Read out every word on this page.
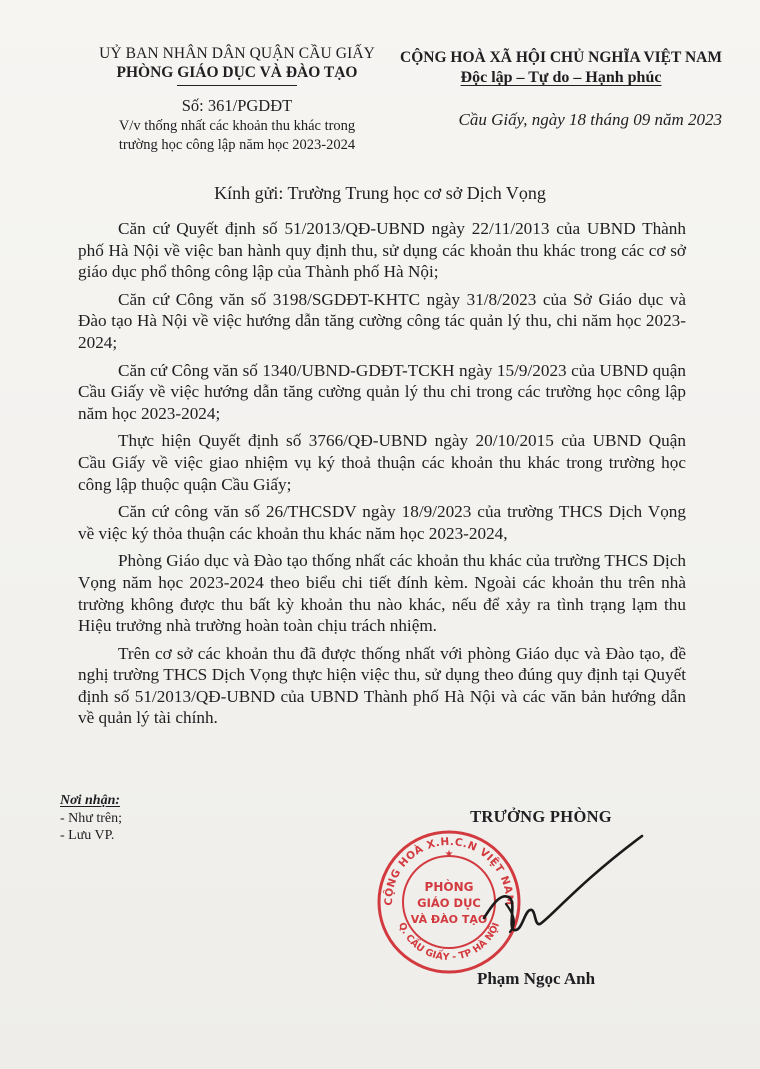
UỶ BAN NHÂN DÂN QUẬN CẦU GIẤY
PHÒNG GIÁO DỤC VÀ ĐÀO TẠO
Số: 361/PGDĐT
V/v thống nhất các khoản thu khác trong
trường học công lập năm học 2023-2024
CỘNG HOÀ XÃ HỘI CHỦ NGHĨA VIỆT NAM
Độc lập – Tự do – Hạnh phúc
Cầu Giấy, ngày 18 tháng 09 năm 2023
Kính gửi: Trường Trung học cơ sở Dịch Vọng

Căn cứ Quyết định số 51/2013/QĐ-UBND ngày 22/11/2013 của UBND Thành phố Hà Nội về việc ban hành quy định thu, sử dụng các khoản thu khác trong các cơ sở giáo dục phổ thông công lập của Thành phố Hà Nội;

Căn cứ Công văn số 3198/SGDĐT-KHTC ngày 31/8/2023 của Sở Giáo dục và Đào tạo Hà Nội về việc hướng dẫn tăng cường công tác quản lý thu, chi năm học 2023-2024;

Căn cứ Công văn số 1340/UBND-GDĐT-TCKH ngày 15/9/2023 của UBND quận Cầu Giấy về việc hướng dẫn tăng cường quản lý thu chi trong các trường học công lập năm học 2023-2024;

Thực hiện Quyết định số 3766/QĐ-UBND ngày 20/10/2015 của UBND Quận Cầu Giấy về việc giao nhiệm vụ ký thoả thuận các khoản thu khác trong trường học công lập thuộc quận Cầu Giấy;

Căn cứ công văn số 26/THCSDV ngày 18/9/2023 của trường THCS Dịch Vọng về việc ký thỏa thuận các khoản thu khác năm học 2023-2024,

Phòng Giáo dục và Đào tạo thống nhất các khoản thu khác của trường THCS Dịch Vọng năm học 2023-2024 theo biểu chi tiết đính kèm. Ngoài các khoản thu trên nhà trường không được thu bất kỳ khoản thu nào khác, nếu để xảy ra tình trạng lạm thu Hiệu trưởng nhà trường hoàn toàn chịu trách nhiệm.

Trên cơ sở các khoản thu đã được thống nhất với phòng Giáo dục và Đào tạo, đề nghị trường THCS Dịch Vọng thực hiện việc thu, sử dụng theo đúng quy định tại Quyết định số 51/2013/QĐ-UBND của UBND Thành phố Hà Nội và các văn bản hướng dẫn về quản lý tài chính.

Nơi nhận:
- Như trên;
- Lưu VP.
TRƯỞNG PHÒNG
CỘNG HOÀ X.H.C.N VIỆT NAM
Q. CẦU GIẤY - TP HÀ NỘI
PHÒNG
GIÁO DỤC
VÀ ĐÀO TẠO
★
Phạm Ngọc Anh
